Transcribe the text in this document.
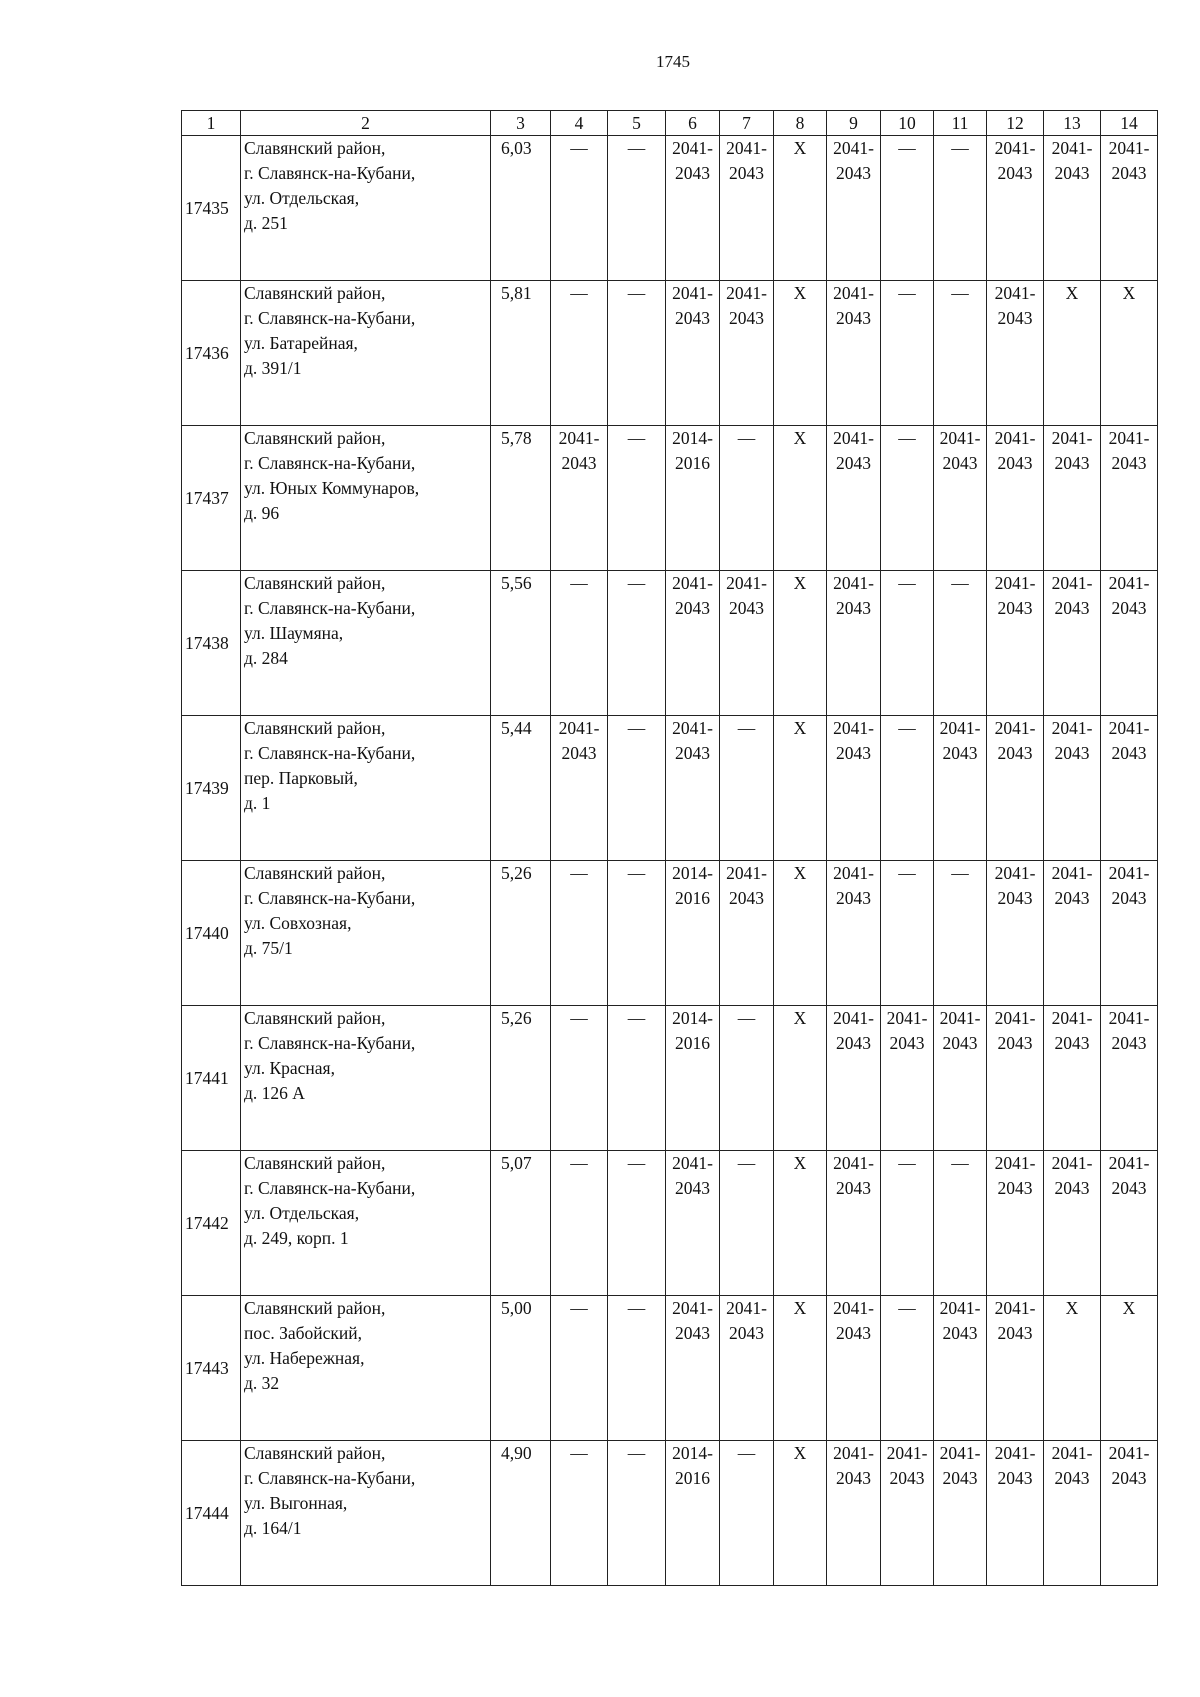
1745
1	2	3	4	5	6	7	8	9	10	11	12	13	14
17435	Славянский район,
г. Славянск-на-Кубани,
ул. Отдельская,
д. 251	6,03	—	—	2041-
2043	2041-
2043	X	2041-
2043	—	—	2041-
2043	2041-
2043	2041-
2043

17436	Славянский район,
г. Славянск-на-Кубани,
ул. Батарейная,
д. 391/1	5,81	—	—	2041-
2043	2041-
2043	X	2041-
2043	—	—	2041-
2043	X	X

17437	Славянский район,
г. Славянск-на-Кубани,
ул. Юных Коммунаров,
д. 96	5,78	2041-
2043	—	2014-
2016	—	X	2041-
2043	—	2041-
2043	2041-
2043	2041-
2043	2041-
2043

17438	Славянский район,
г. Славянск-на-Кубани,
ул. Шаумяна,
д. 284	5,56	—	—	2041-
2043	2041-
2043	X	2041-
2043	—	—	2041-
2043	2041-
2043	2041-
2043

17439	Славянский район,
г. Славянск-на-Кубани,
пер. Парковый,
д. 1	5,44	2041-
2043	—	2041-
2043	—	X	2041-
2043	—	2041-
2043	2041-
2043	2041-
2043	2041-
2043

17440	Славянский район,
г. Славянск-на-Кубани,
ул. Совхозная,
д. 75/1	5,26	—	—	2014-
2016	2041-
2043	X	2041-
2043	—	—	2041-
2043	2041-
2043	2041-
2043

17441	Славянский район,
г. Славянск-на-Кубани,
ул. Красная,
д. 126 А	5,26	—	—	2014-
2016	—	X	2041-
2043	2041-
2043	2041-
2043	2041-
2043	2041-
2043	2041-
2043

17442	Славянский район,
г. Славянск-на-Кубани,
ул. Отдельская,
д. 249, корп. 1	5,07	—	—	2041-
2043	—	X	2041-
2043	—	—	2041-
2043	2041-
2043	2041-
2043

17443	Славянский район,
пос. Забойский,
ул. Набережная,
д. 32	5,00	—	—	2041-
2043	2041-
2043	X	2041-
2043	—	2041-
2043	2041-
2043	X	X

17444	Славянский район,
г. Славянск-на-Кубани,
ул. Выгонная,
д. 164/1	4,90	—	—	2014-
2016	—	X	2041-
2043	2041-
2043	2041-
2043	2041-
2043	2041-
2043	2041-
2043
